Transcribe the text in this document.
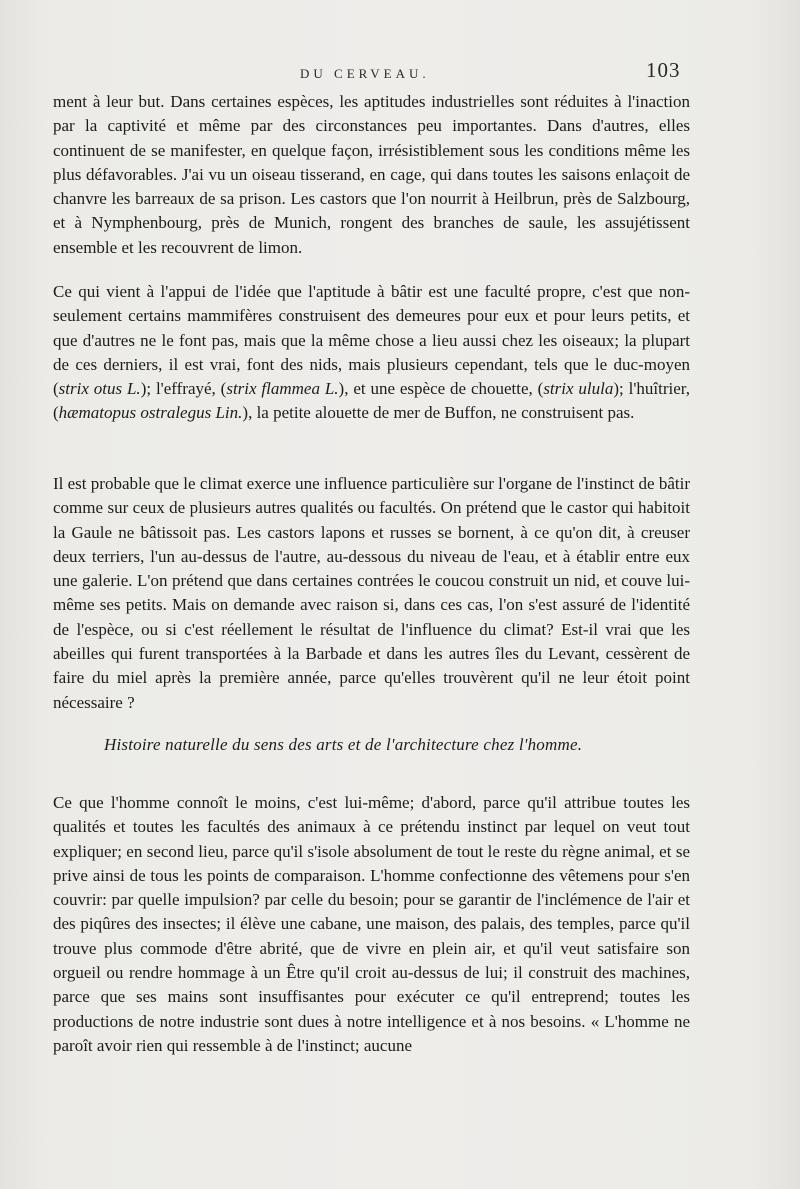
DU CERVEAU.	103

ment à leur but. Dans certaines espèces, les aptitudes industrielles sont réduites à l'inaction par la captivité et même par des circonstances peu importantes. Dans d'autres, elles continuent de se manifester, en quelque façon, irrésistiblement sous les conditions même les plus défavorables. J'ai vu un oiseau tisserand, en cage, qui dans toutes les saisons enlaçoit de chanvre les barreaux de sa prison. Les castors que l'on nourrit à Heilbrun, près de Salzbourg, et à Nymphenbourg, près de Munich, rongent des branches de saule, les assujétissent ensemble et les recouvrent de limon.

Ce qui vient à l'appui de l'idée que l'aptitude à bâtir est une faculté propre, c'est que non-seulement certains mammifères construisent des demeures pour eux et pour leurs petits, et que d'autres ne le font pas, mais que la même chose a lieu aussi chez les oiseaux; la plupart de ces derniers, il est vrai, font des nids, mais plusieurs cependant, tels que le duc-moyen (strix otus L.); l'effrayé, (strix flammea L.), et une espèce de chouette, (strix ulula); l'huîtrier, (hæmatopus ostralegus Lin.), la petite alouette de mer de Buffon, ne construisent pas.

Il est probable que le climat exerce une influence particulière sur l'organe de l'instinct de bâtir comme sur ceux de plusieurs autres qualités ou facultés. On prétend que le castor qui habitoit la Gaule ne bâtissoit pas. Les castors lapons et russes se bornent, à ce qu'on dit, à creuser deux terriers, l'un au-dessus de l'autre, au-dessous du niveau de l'eau, et à établir entre eux une galerie. L'on prétend que dans certaines contrées le coucou construit un nid, et couve lui-même ses petits. Mais on demande avec raison si, dans ces cas, l'on s'est assuré de l'identité de l'espèce, ou si c'est réellement le résultat de l'influence du climat? Est-il vrai que les abeilles qui furent transportées à la Barbade et dans les autres îles du Levant, cessèrent de faire du miel après la première année, parce qu'elles trouvèrent qu'il ne leur étoit point nécessaire ?

Histoire naturelle du sens des arts et de l'architecture chez l'homme.

Ce que l'homme connoît le moins, c'est lui-même; d'abord, parce qu'il attribue toutes les qualités et toutes les facultés des animaux à ce prétendu instinct par lequel on veut tout expliquer; en second lieu, parce qu'il s'isole absolument de tout le reste du règne animal, et se prive ainsi de tous les points de comparaison. L'homme confectionne des vêtemens pour s'en couvrir: par quelle impulsion? par celle du besoin; pour se garantir de l'inclémence de l'air et des piqûres des insectes; il élève une cabane, une maison, des palais, des temples, parce qu'il trouve plus commode d'être abrité, que de vivre en plein air, et qu'il veut satisfaire son orgueil ou rendre hommage à un Être qu'il croit au-dessus de lui; il construit des machines, parce que ses mains sont insuffisantes pour exécuter ce qu'il entreprend; toutes les productions de notre industrie sont dues à notre intelligence et à nos besoins. « L'homme ne paroît avoir rien qui ressemble à de l'instinct; aucune
